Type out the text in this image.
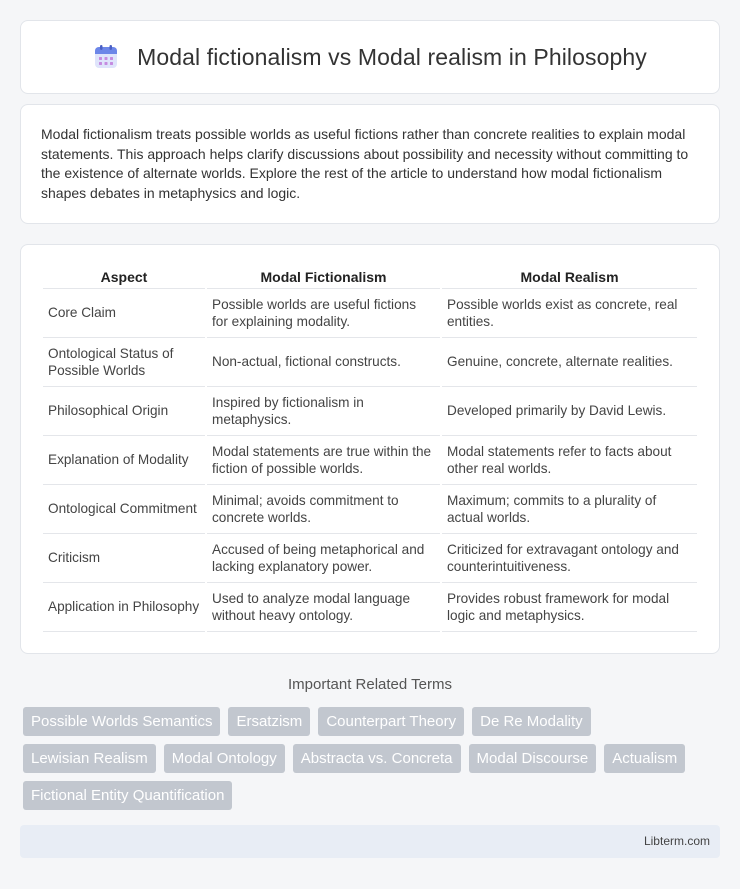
Modal fictionalism vs Modal realism in Philosophy

Modal fictionalism treats possible worlds as useful fictions rather than concrete realities to explain modal statements. This approach helps clarify discussions about possibility and necessity without committing to the existence of alternate worlds. Explore the rest of the article to understand how modal fictionalism shapes debates in metaphysics and logic.

Aspect	Modal Fictionalism	Modal Realism
Core Claim	Possible worlds are useful fictions for explaining modality.	Possible worlds exist as concrete, real entities.
Ontological Status of Possible Worlds	Non-actual, fictional constructs.	Genuine, concrete, alternate realities.
Philosophical Origin	Inspired by fictionalism in metaphysics.	Developed primarily by David Lewis.
Explanation of Modality	Modal statements are true within the fiction of possible worlds.	Modal statements refer to facts about other real worlds.
Ontological Commitment	Minimal; avoids commitment to concrete worlds.	Maximum; commits to a plurality of actual worlds.
Criticism	Accused of being metaphorical and lacking explanatory power.	Criticized for extravagant ontology and counterintuitiveness.
Application in Philosophy	Used to analyze modal language without heavy ontology.	Provides robust framework for modal logic and metaphysics.
Important Related Terms
Possible Worlds Semantics	Ersatzism	Counterpart Theory	De Re Modality
Lewisian Realism	Modal Ontology	Abstracta vs. Concreta	Modal Discourse	Actualism
Fictional Entity Quantification
Libterm.com
